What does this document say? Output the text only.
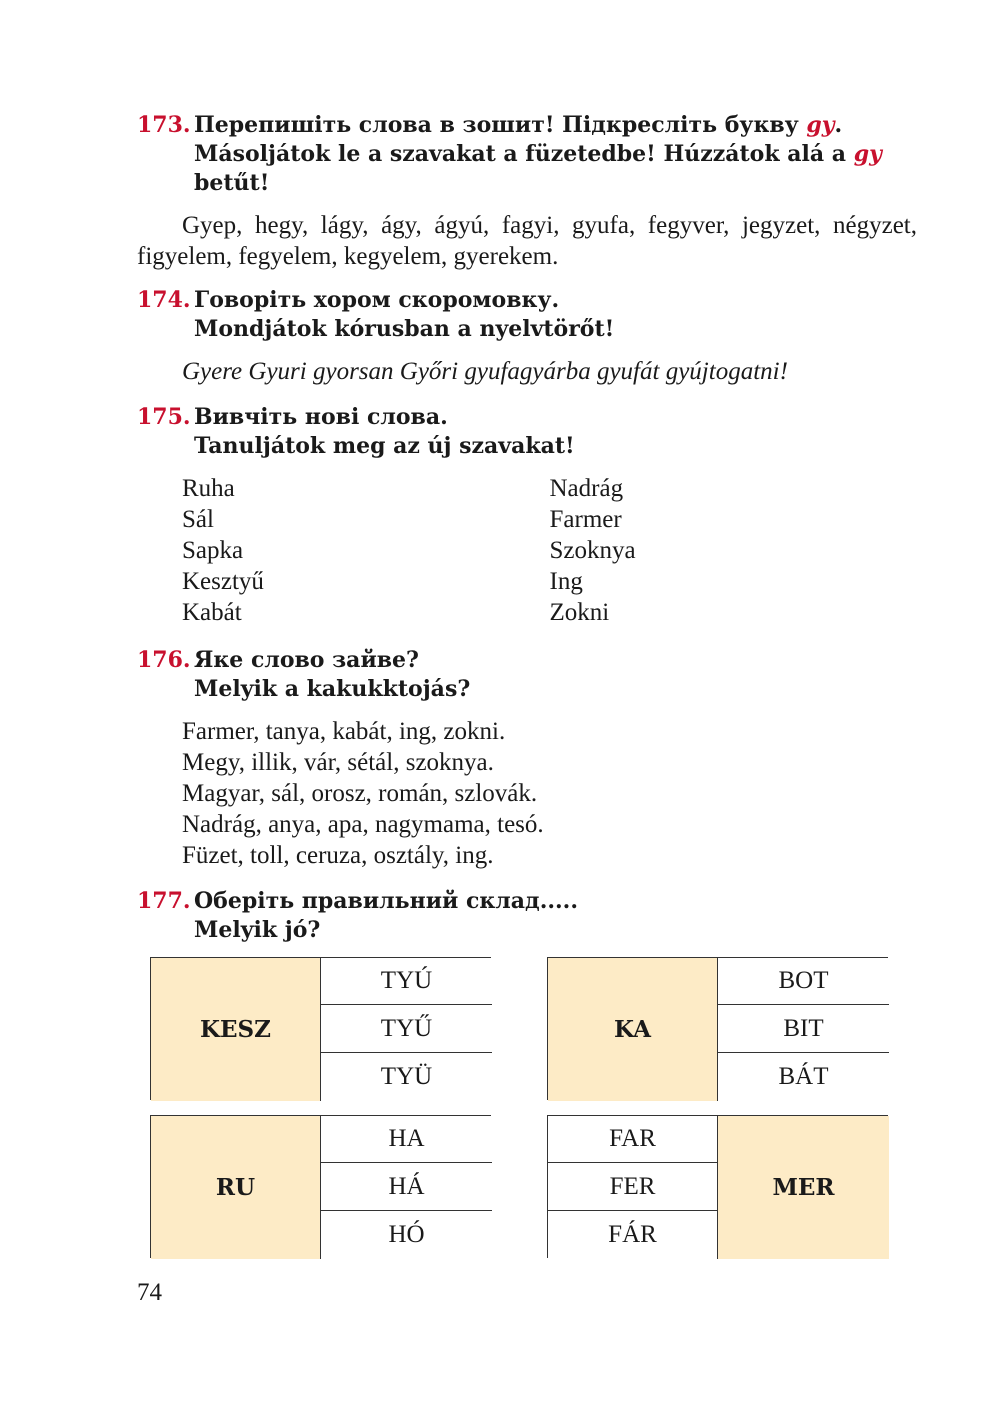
173. Перепишіть слова в зошит! Підкресліть букву gy.
Másoljátok le a szavakat a füzetedbe! Húzzátok alá a gy
betűt!

Gyep, hegy, lágy, ágy, ágyú, fagyi, gyufa, fegyver, jegyzet, négyzet, figyelem, fegyelem, kegyelem, gyerekem.

174. Говоріть хором скоромовку.
Mondjátok kórusban a nyelvtörőt!
Gyere Gyuri gyorsan Győri gyufagyárba gyufát gyújtogatni!
175. Вивчіть нові слова.
Tanuljátok meg az új szavakat!
Ruha
Sál
Sapka
Kesztyű
Kabát
Nadrág
Farmer
Szoknya
Ing
Zokni
176. Яке слово зайве?
Melyik a kakukktojás?
Farmer, tanya, kabát, ing, zokni.
Megy, illik, vár, sétál, szoknya.
Magyar, sál, orosz, román, szlovák.
Nadrág, anya, apa, nagymama, tesó.
Füzet, toll, ceruza, osztály, ing.
177. Оберіть правильний склад.....
Melyik jó?
KESZ
TYÚ
TYŰ
TYÜ
KA
BOT
BIT
BÁT
RU
HA
HÁ
HÓ
FAR
FER
FÁR
MER
74
